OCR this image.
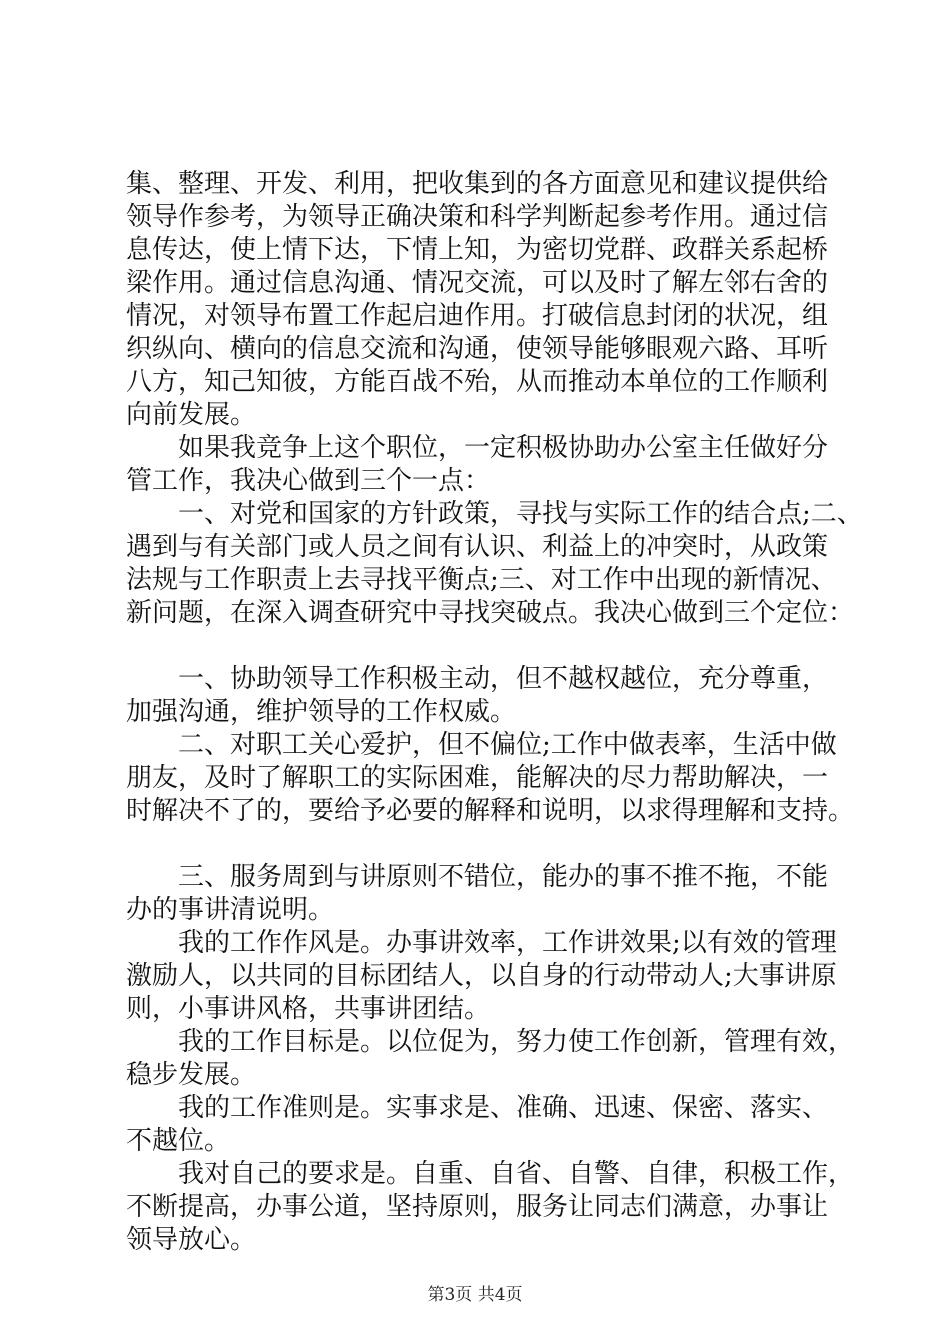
集、整理、开发、利用，把收集到的各方面意见和建议提供给
领导作参考，为领导正确决策和科学判断起参考作用。通过信
息传达，使上情下达，下情上知，为密切党群、政群关系起桥
梁作用。通过信息沟通、情况交流，可以及时了解左邻右舍的
情况，对领导布置工作起启迪作用。打破信息封闭的状况，组
织纵向、横向的信息交流和沟通，使领导能够眼观六路、耳听
八方，知己知彼，方能百战不殆，从而推动本单位的工作顺利
向前发展。
如果我竞争上这个职位，一定积极协助办公室主任做好分
管工作，我决心做到三个一点：
一、对党和国家的方针政策，寻找与实际工作的结合点;二、
遇到与有关部门或人员之间有认识、利益上的冲突时，从政策
法规与工作职责上去寻找平衡点;三、对工作中出现的新情况、
新问题，在深入调查研究中寻找突破点。我决心做到三个定位：
一、协助领导工作积极主动，但不越权越位，充分尊重，
加强沟通，维护领导的工作权威。
二、对职工关心爱护，但不偏位;工作中做表率，生活中做
朋友，及时了解职工的实际困难，能解决的尽力帮助解决，一
时解决不了的，要给予必要的解释和说明，以求得理解和支持。
三、服务周到与讲原则不错位，能办的事不推不拖，不能
办的事讲清说明。
我的工作作风是。办事讲效率，工作讲效果;以有效的管理
激励人，以共同的目标团结人，以自身的行动带动人;大事讲原
则，小事讲风格，共事讲团结。
我的工作目标是。以位促为，努力使工作创新，管理有效，
稳步发展。
我的工作准则是。实事求是、准确、迅速、保密、落实、
不越位。
我对自己的要求是。自重、自省、自警、自律，积极工作，
不断提高，办事公道，坚持原则，服务让同志们满意，办事让
领导放心。
第3页 共4页
